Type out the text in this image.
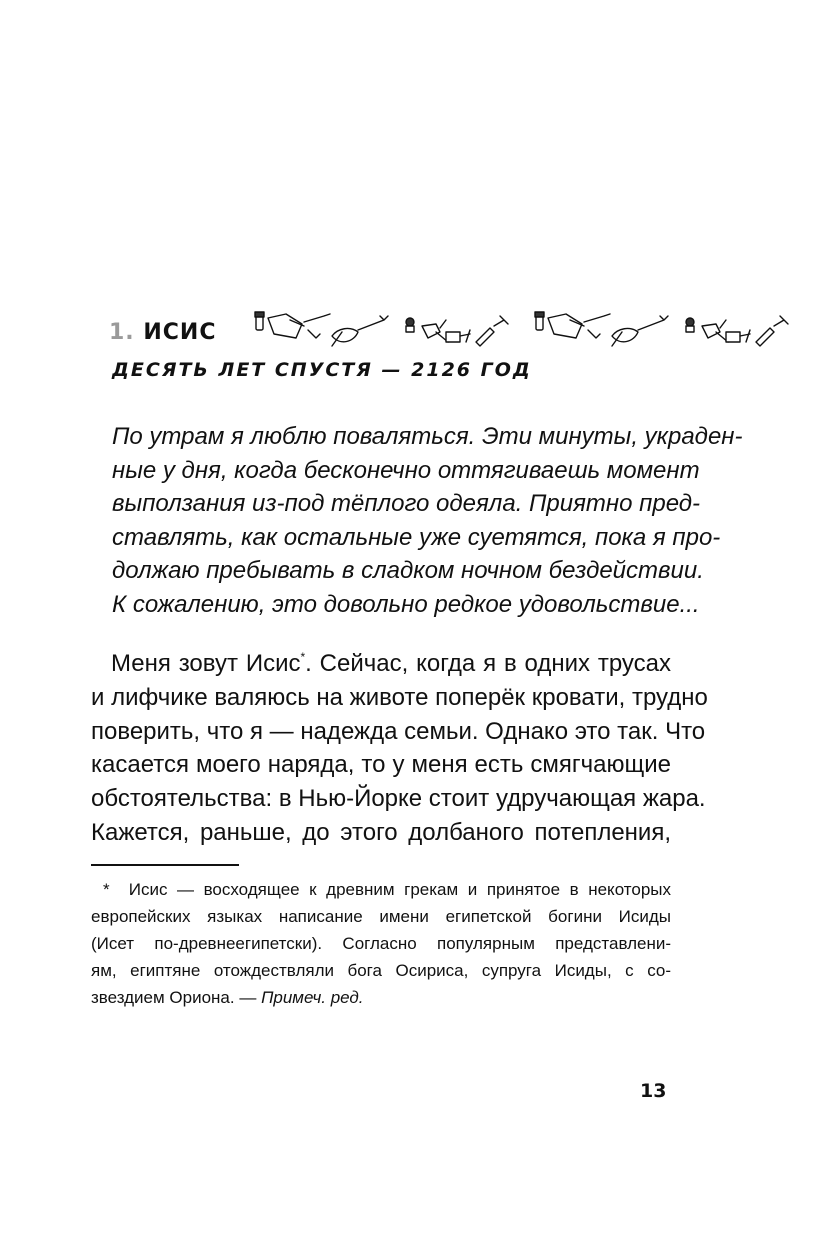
1. ИСИС
ДЕСЯТЬ ЛЕТ СПУСТЯ — 2126 ГОД
По утрам я люблю поваляться. Эти минуты, украден-
ные у дня, когда бесконечно оттягиваешь момент
выползания из-под тёплого одеяла. Приятно пред-
ставлять, как остальные уже суетятся, пока я про-
должаю пребывать в сладком ночном бездействии.
К сожалению, это довольно редкое удовольствие...
Меня зовут Исис*. Сейчас, когда я в одних трусах
и лифчике валяюсь на животе поперёк кровати, трудно
поверить, что я — надежда семьи. Однако это так. Что
касается моего наряда, то у меня есть смягчающие
обстоятельства: в Нью-Йорке стоит удручающая жара.
Кажется, раньше, до этого долбаного потепления,
* Исис — восходящее к древним грекам и принятое в некоторых
европейских языках написание имени египетской богини Исиды
(Исет по-древнеегипетски). Согласно популярным представлени-
ям, египтяне отождествляли бога Осириса, супруга Исиды, с со-
звездием Ориона. — Примеч. ред.
13
